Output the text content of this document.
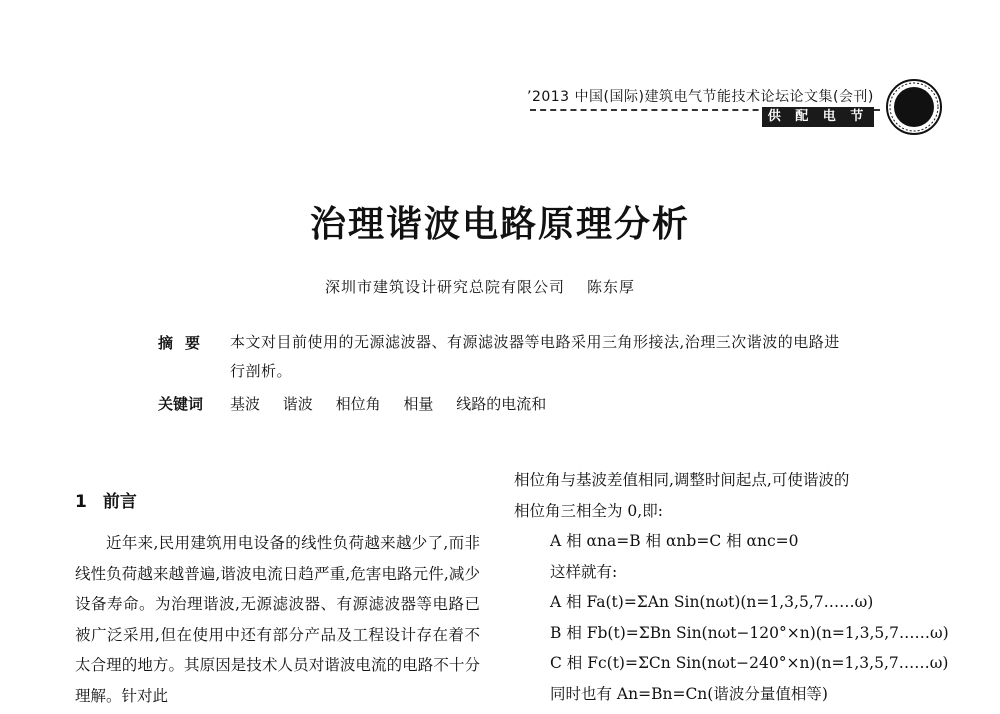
’2013 中国(国际)建筑电气节能技术论坛论文集(会刊)
供 配 电 节 能
治理谐波电路原理分析
深圳市建筑设计研究总院有限公司 陈东厚
摘要 本文对目前使用的无源滤波器、有源滤波器等电路采用三角形接法,治理三次谐波的电路进行剖析。
关键词 基波 谐波 相位角 相量 线路的电流和
1 前言

近年来,民用建筑用电设备的线性负荷越来越少了,而非线性负荷越来越普遍,谐波电流日趋严重,危害电路元件,减少设备寿命。为治理谐波,无源滤波器、有源滤波器等电路已被广泛采用,但在使用中还有部分产品及工程设计存在着不太合理的地方。其原因是技术人员对谐波电流的电路不十分理解。针对此

相位角与基波差值相同,调整时间起点,可使谐波的
相位角三相全为 0,即:
A 相 αna=B 相 αnb=C 相 αnc=0
这样就有:
A 相 Fa(t)=ΣAn Sin(nωt)(n=1,3,5,7……ω)
B 相 Fb(t)=ΣBn Sin(nωt−120°×n)(n=1,3,5,7……ω)
C 相 Fc(t)=ΣCn Sin(nωt−240°×n)(n=1,3,5,7……ω)
同时也有 An=Bn=Cn(谐波分量值相等)
